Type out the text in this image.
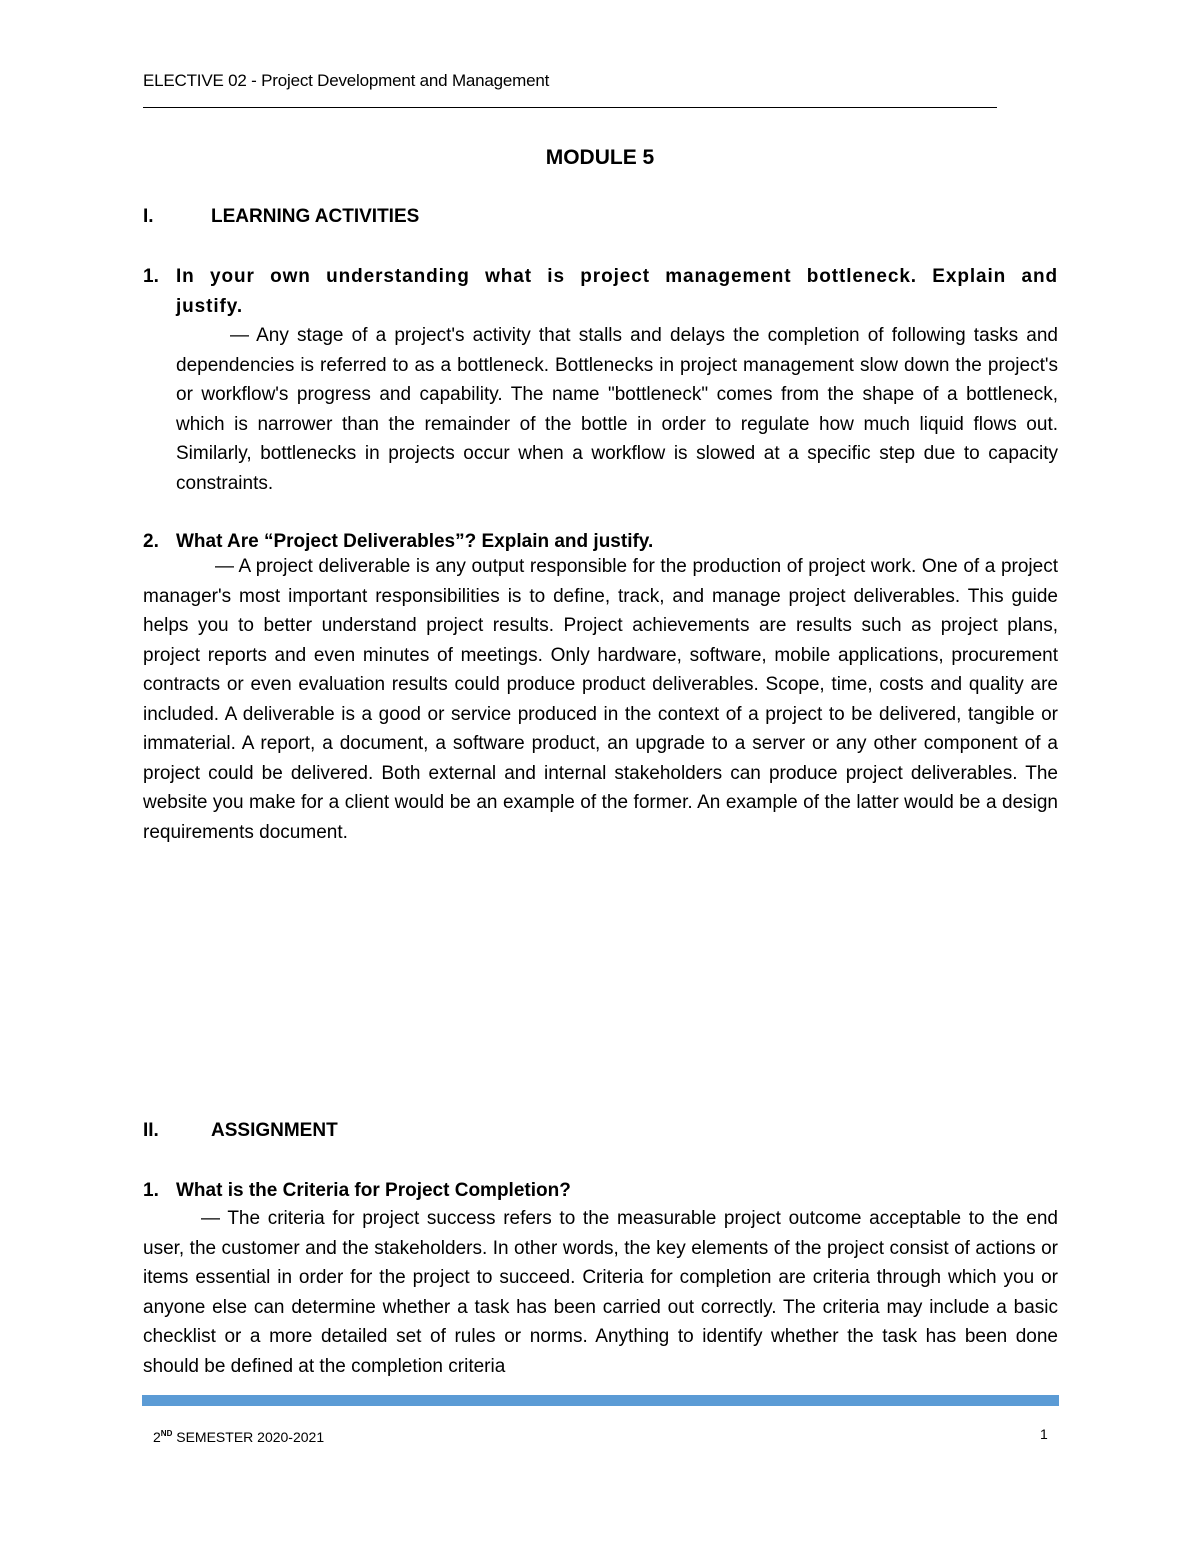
ELECTIVE 02 - Project Development and Management
MODULE 5
I.	LEARNING ACTIVITIES
1. In your own understanding what is project management bottleneck. Explain and justify.
— Any stage of a project's activity that stalls and delays the completion of following tasks and dependencies is referred to as a bottleneck. Bottlenecks in project management slow down the project's or workflow's progress and capability. The name "bottleneck" comes from the shape of a bottleneck, which is narrower than the remainder of the bottle in order to regulate how much liquid flows out. Similarly, bottlenecks in projects occur when a workflow is slowed at a specific step due to capacity constraints.
2. What Are “Project Deliverables”? Explain and justify.
— A project deliverable is any output responsible for the production of project work. One of a project manager's most important responsibilities is to define, track, and manage project deliverables. This guide helps you to better understand project results. Project achievements are results such as project plans, project reports and even minutes of meetings. Only hardware, software, mobile applications, procurement contracts or even evaluation results could produce product deliverables. Scope, time, costs and quality are included. A deliverable is a good or service produced in the context of a project to be delivered, tangible or immaterial. A report, a document, a software product, an upgrade to a server or any other component of a project could be delivered. Both external and internal stakeholders can produce project deliverables. The website you make for a client would be an example of the former. An example of the latter would be a design requirements document.
II.	ASSIGNMENT
1. What is the Criteria for Project Completion?
— The criteria for project success refers to the measurable project outcome acceptable to the end user, the customer and the stakeholders. In other words, the key elements of the project consist of actions or items essential in order for the project to succeed. Criteria for completion are criteria through which you or anyone else can determine whether a task has been carried out correctly. The criteria may include a basic checklist or a more detailed set of rules or norms. Anything to identify whether the task has been done should be defined at the completion criteria
2ND SEMESTER 2020-2021	1
